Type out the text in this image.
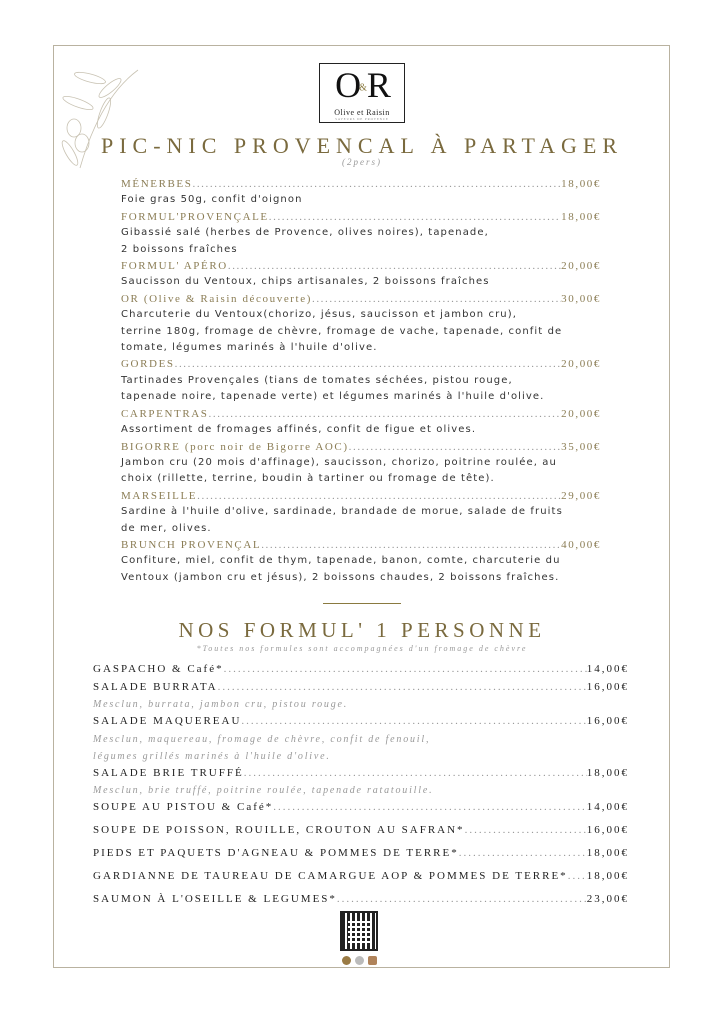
O&R
Olive et Raisin
SAVEURS DE PROVENCE
PIC-NIC PROVENCAL À PARTAGER
(2pers)
MÉNERBES .....	18,00€
Foie gras 50g, confit d'oignon
FORMUL'PROVENÇALE .....	18,00€
Gibassié salé (herbes de Provence, olives noires), tapenade,
2 boissons fraîches
FORMUL' APÉRO .....	20,00€
Saucisson du Ventoux, chips artisanales, 2 boissons fraîches
OR (Olive & Raisin découverte) .....	30,00€
Charcuterie du Ventoux(chorizo, jésus, saucisson et jambon cru),
terrine 180g, fromage de chèvre, fromage de vache, tapenade, confit de
tomate, légumes marinés à l'huile d'olive.
GORDES .....	20,00€
Tartinades Provençales (tians de tomates séchées, pistou rouge,
tapenade noire, tapenade verte) et légumes marinés à l'huile d'olive.
CARPENTRAS .....	20,00€
Assortiment de fromages affinés, confit de figue et olives.
BIGORRE (porc noir de Bigorre AOC) .....	35,00€
Jambon cru (20 mois d'affinage), saucisson, chorizo, poitrine roulée, au
choix (rillette, terrine, boudin à tartiner ou fromage de tête).
MARSEILLE .....	29,00€
Sardine à l'huile d'olive, sardinade, brandade de morue, salade de fruits
de mer, olives.
BRUNCH PROVENÇAL .....	40,00€
Confiture, miel, confit de thym, tapenade, banon, comte, charcuterie du
Ventoux (jambon cru et jésus), 2 boissons chaudes, 2 boissons fraîches.
NOS FORMUL' 1 PERSONNE
*Toutes nos formules sont accompagnées d'un fromage de chèvre
GASPACHO & Café* .....	14,00€
SALADE BURRATA .....	16,00€
Mesclun, burrata, jambon cru, pistou rouge.
SALADE MAQUEREAU .....	16,00€
Mesclun, maquereau, fromage de chèvre, confit de fenouil,
légumes grillés marinés à l'huile d'olive.
SALADE BRIE TRUFFÉ .....	18,00€
Mesclun, brie truffé, poitrine roulée, tapenade ratatouille.
SOUPE AU PISTOU & Café* .....	14,00€
SOUPE DE POISSON, ROUILLE, CROUTON AU SAFRAN* .....	16,00€
PIEDS ET PAQUETS D'AGNEAU & POMMES DE TERRE* .....	18,00€
GARDIANNE DE TAUREAU DE CAMARGUE AOP & POMMES DE TERRE* ..... 18,00€
SAUMON À L'OSEILLE & LEGUMES* .....	23,00€
